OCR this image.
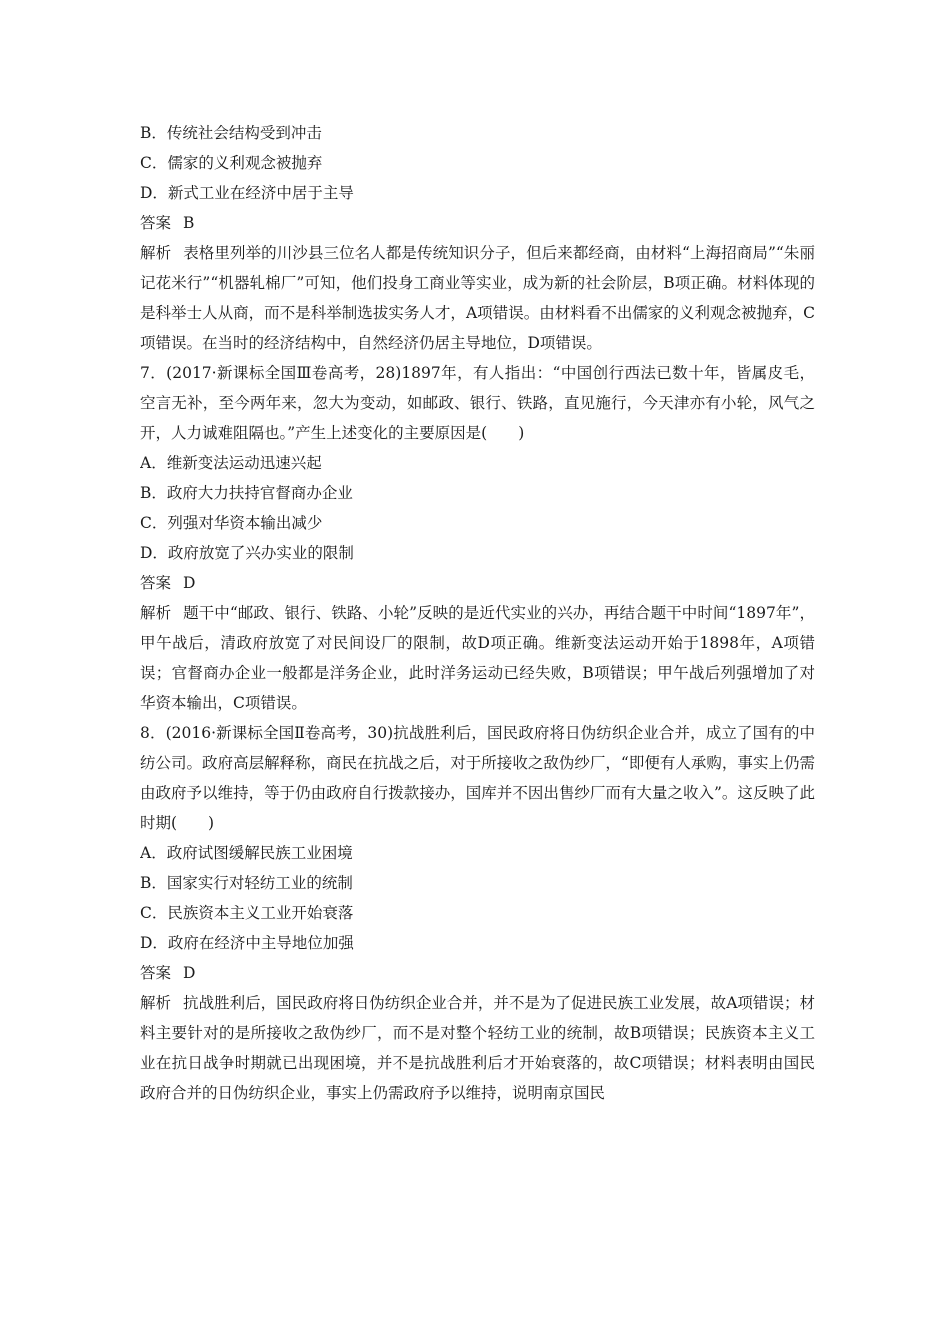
B．传统社会结构受到冲击
C．儒家的义利观念被抛弃
D．新式工业在经济中居于主导
答案 B
解析 表格里列举的川沙县三位名人都是传统知识分子，但后来都经商，由材料“上海招商局”“朱丽记花米行”“机器轧棉厂”可知，他们投身工商业等实业，成为新的社会阶层，B项正确。材料体现的是科举士人从商，而不是科举制选拔实务人才，A项错误。由材料看不出儒家的义利观念被抛弃，C项错误。在当时的经济结构中，自然经济仍居主导地位，D项错误。
7．(2017·新课标全国Ⅲ卷高考，28)1897年，有人指出：“中国创行西法已数十年，皆属皮毛，空言无补，至今两年来，忽大为变动，如邮政、银行、铁路，直见施行，今天津亦有小轮，风气之开，人力诚难阻隔也。”产生上述变化的主要原因是(　　)
A．维新变法运动迅速兴起
B．政府大力扶持官督商办企业
C．列强对华资本输出减少
D．政府放宽了兴办实业的限制
答案 D
解析 题干中“邮政、银行、铁路、小轮”反映的是近代实业的兴办，再结合题干中时间“1897年”，甲午战后，清政府放宽了对民间设厂的限制，故D项正确。维新变法运动开始于1898年，A项错误；官督商办企业一般都是洋务企业，此时洋务运动已经失败，B项错误；甲午战后列强增加了对华资本输出，C项错误。
8．(2016·新课标全国Ⅱ卷高考，30)抗战胜利后，国民政府将日伪纺织企业合并，成立了国有的中纺公司。政府高层解释称，商民在抗战之后，对于所接收之敌伪纱厂，“即便有人承购，事实上仍需由政府予以维持，等于仍由政府自行拨款接办，国库并不因出售纱厂而有大量之收入”。这反映了此时期(　　)
A．政府试图缓解民族工业困境
B．国家实行对轻纺工业的统制
C．民族资本主义工业开始衰落
D．政府在经济中主导地位加强
答案 D
解析 抗战胜利后，国民政府将日伪纺织企业合并，并不是为了促进民族工业发展，故A项错误；材料主要针对的是所接收之敌伪纱厂，而不是对整个轻纺工业的统制，故B项错误；民族资本主义工业在抗日战争时期就已出现困境，并不是抗战胜利后才开始衰落的，故C项错误；材料表明由国民政府合并的日伪纺织企业，事实上仍需政府予以维持，说明南京国民
